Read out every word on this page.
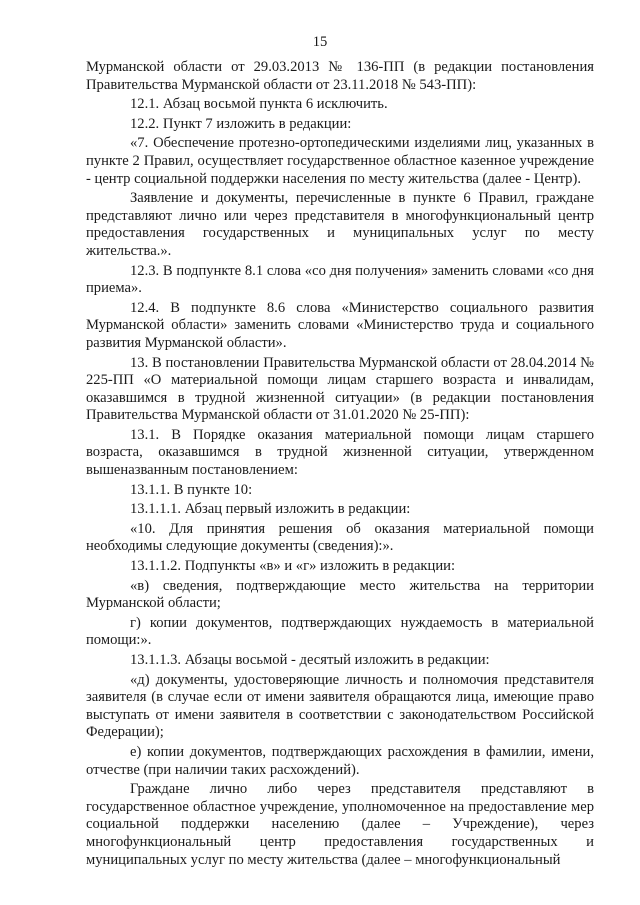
15

Мурманской области от 29.03.2013 № 136-ПП (в редакции постановления Правительства Мурманской области от 23.11.2018 № 543-ПП):

12.1. Абзац восьмой пункта 6 исключить.

12.2. Пункт 7 изложить в редакции:

«7. Обеспечение протезно-ортопедическими изделиями лиц, указанных в пункте 2 Правил, осуществляет государственное областное казенное учреждение - центр социальной поддержки населения по месту жительства (далее - Центр).

Заявление и документы, перечисленные в пункте 6 Правил, граждане представляют лично или через представителя в многофункциональный центр предоставления государственных и муниципальных услуг по месту жительства.».

12.3. В подпункте 8.1 слова «со дня получения» заменить словами «со дня приема».

12.4. В подпункте 8.6 слова «Министерство социального развития Мурманской области» заменить словами «Министерство труда и социального развития Мурманской области».

13. В постановлении Правительства Мурманской области от 28.04.2014 № 225-ПП «О материальной помощи лицам старшего возраста и инвалидам, оказавшимся в трудной жизненной ситуации» (в редакции постановления Правительства Мурманской области от 31.01.2020 № 25-ПП):

13.1. В Порядке оказания материальной помощи лицам старшего возраста, оказавшимся в трудной жизненной ситуации, утвержденном вышеназванным постановлением:

13.1.1. В пункте 10:

13.1.1.1. Абзац первый изложить в редакции:

«10. Для принятия решения об оказания материальной помощи необходимы следующие документы (сведения):».

13.1.1.2. Подпункты «в» и «г» изложить в редакции:

«в) сведения, подтверждающие место жительства на территории Мурманской области;

г) копии документов, подтверждающих нуждаемость в материальной помощи:».

13.1.1.3. Абзацы восьмой - десятый изложить в редакции:

«д) документы, удостоверяющие личность и полномочия представителя заявителя (в случае если от имени заявителя обращаются лица, имеющие право выступать от имени заявителя в соответствии с законодательством Российской Федерации);

е) копии документов, подтверждающих расхождения в фамилии, имени, отчестве (при наличии таких расхождений).

Граждане лично либо через представителя представляют в государственное областное учреждение, уполномоченное на предоставление мер социальной поддержки населению (далее – Учреждение), через многофункциональный центр предоставления государственных и муниципальных услуг по месту жительства (далее – многофункциональный
